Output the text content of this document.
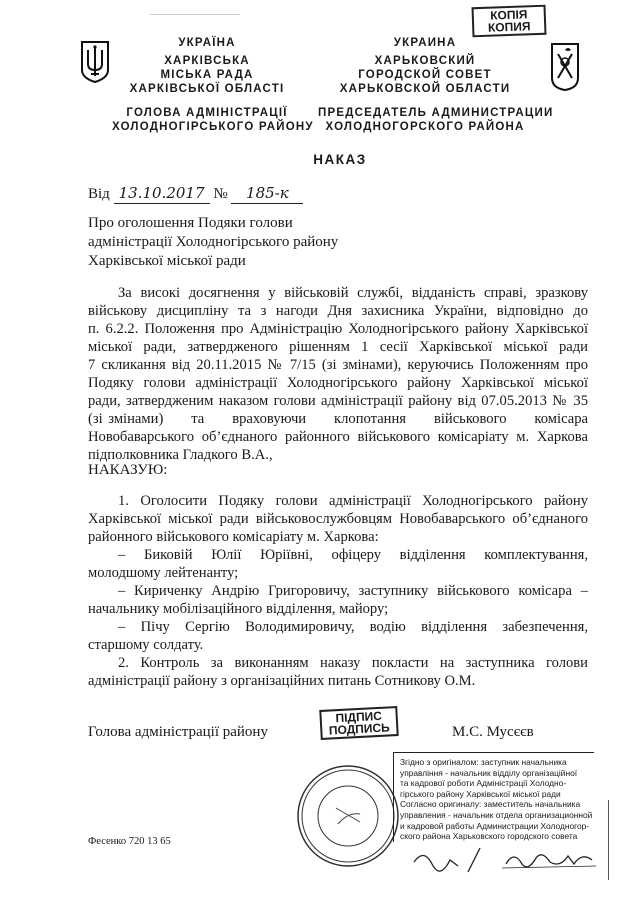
КОПІЯ
КОПИЯ
УКРАЇНА
ХАРКІВСЬКА
МІСЬКА РАДА
ХАРКІВСЬКОЇ ОБЛАСТІ
ГОЛОВА АДМІНІСТРАЦІЇ
ХОЛОДНОГІРСЬКОГО РАЙОНУ
УКРАИНА
ХАРЬКОВСКИЙ
ГОРОДСКОЙ СОВЕТ
ХАРЬКОВСКОЙ ОБЛАСТИ
ПРЕДСЕДАТЕЛЬ АДМИНИСТРАЦИИ
ХОЛОДНОГОРСКОГО РАЙОНА
НАКАЗ
Від 13.10.2017 № 185-к
Про оголошення Подяки голови
адміністрації Холодногірського району
Харківської міської ради
За високі досягнення у військовій службі, відданість справі, зразкову
військову дисципліну та з нагоди Дня захисника України, відповідно до
п. 6.2.2. Положення про Адміністрацію Холодногірського району Харківської
міської ради, затвердженого рішенням 1 сесії Харківської міської ради
7 скликання від 20.11.2015 № 7/15 (зі змінами), керуючись Положенням про
Подяку голови адміністрації Холодногірського району Харківської міської
ради, затвердженим наказом голови адміністрації району від 07.05.2013 № 35
(зі змінами)     та     враховуючи     клопотання     військового     комісара
Новобаварського об’єднаного районного військового комісаріату м. Харкова
підполковника Гладкого В.А.,
НАКАЗУЮ:
1. Оголосити Подяку голови адміністрації Холодногірського району
Харківської міської ради військовослужбовцям Новобаварського об’єднаного
районного військового комісаріату м. Харкова:
– Биковій Юлії Юріївні, офіцеру відділення комплектування,
молодшому лейтенанту;
– Кириченку Андрію Григоровичу, заступнику військового комісара –
начальнику мобілізаційного відділення, майору;
– Пічу Сергію Володимировичу, водію відділення забезпечення,
старшому солдату.
2. Контроль за виконанням наказу покласти на заступника голови
адміністрації району з організаційних питань Сотникову О.М.
Голова адміністрації району	М.С. Мусєєв
ПІДПИС
ПОДПИСЬ
Згідно з оригіналом: заступник начальника
управління - начальник відділу організаційної
та кадрової роботи Адміністрації Холодно-
гірського району Харківської міської ради
Согласно оригиналу: заместитель начальника
управления - начальник отдела организационной
и кадровой работы Администрации Холодногор-
ского района Харьковского городского совета
Фесенко 720 13 65
